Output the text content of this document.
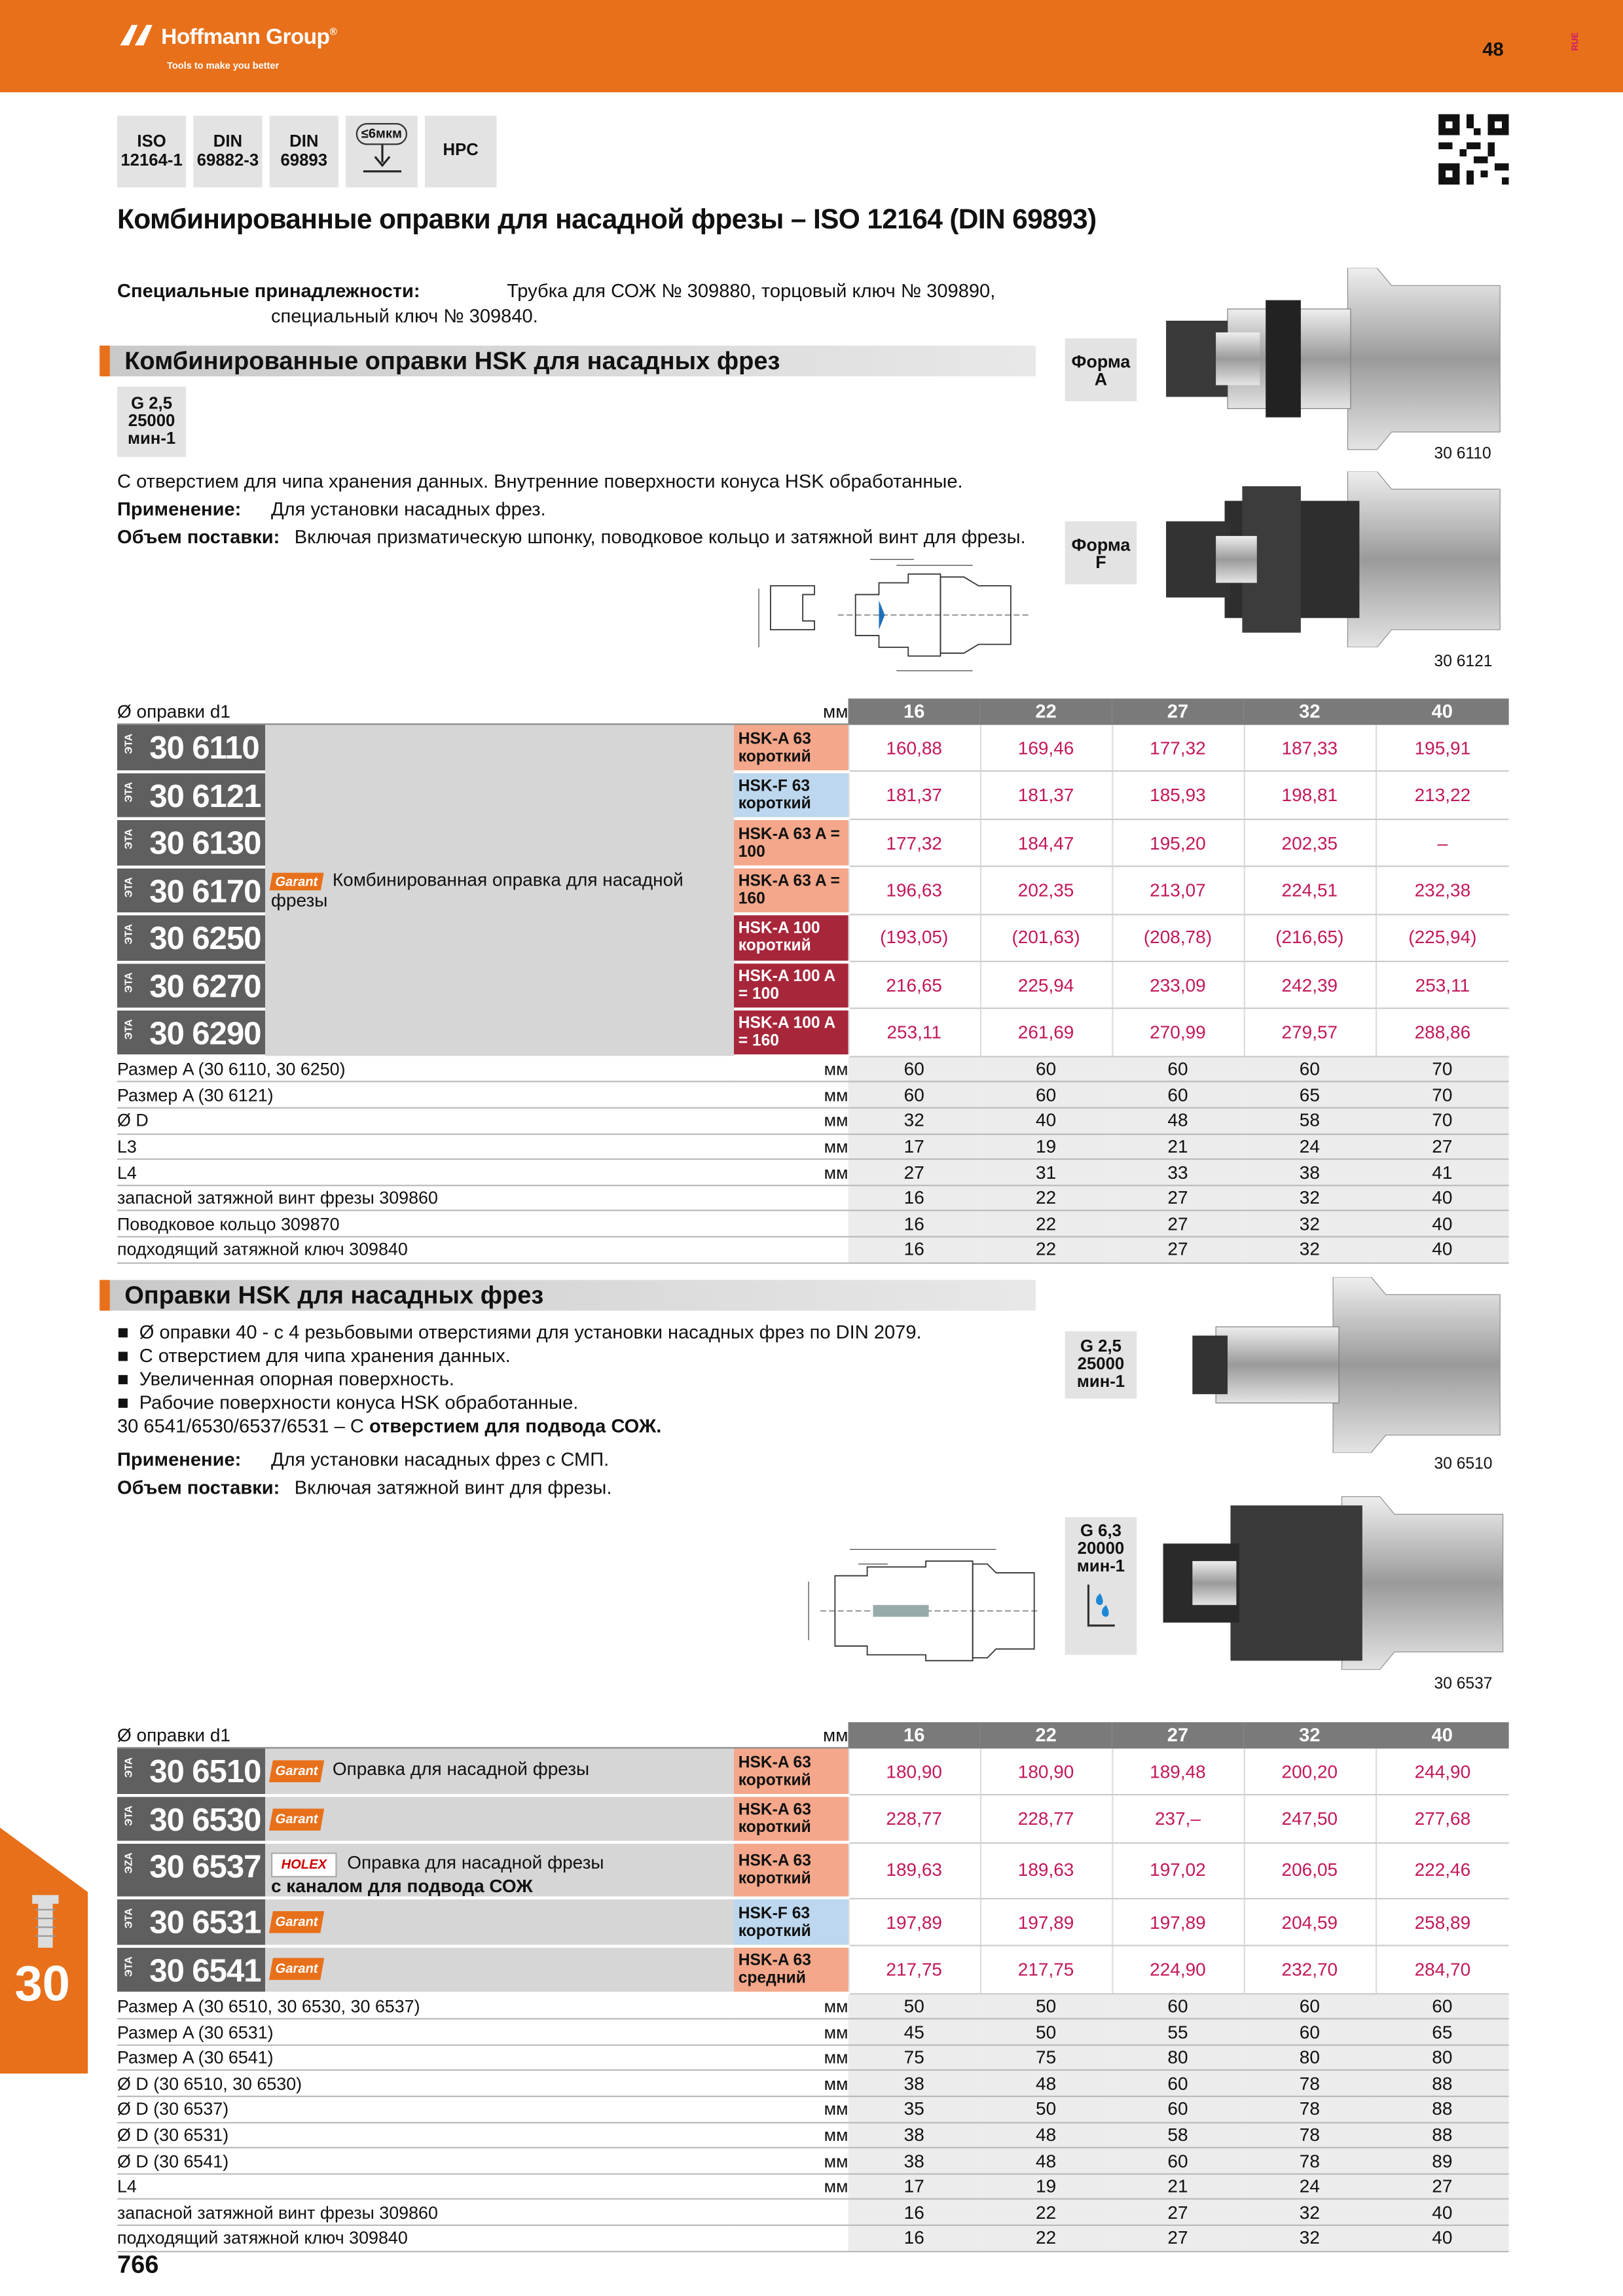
Hoffmann Group®
Tools to make you better
48	RUE
ISO 12164-1
DIN 69882-3
DIN 69893
≤6мкм
HPC
Комбинированные оправки для насадной фрезы – ISO 12164 (DIN 69893)
Специальные принадлежности:	Трубка для СОЖ № 309880, торцовый ключ № 309890,
специальный ключ № 309840.
Комбинированные оправки HSK для насадных фрез
G 2,5
25000
мин-1
С отверстием для чипа хранения данных. Внутренние поверхности конуса HSK обработанные.
Применение:	Для установки насадных фрез.
Объем поставки: Включая призматическую шпонку, поводковое кольцо и затяжной винт для фрезы.
Форма
A
Форма
F
30 6110
30 6121
Ø оправки d1		мм	16	22	27	32	40

ЭТА 30 6110	Garant Комбинированная оправка для насадной фрезы	HSK-A 63 короткий	160,88	169,46	177,32	187,33	195,91

ЭТА 30 6121		HSK-F 63 короткий	181,37	181,37	185,93	198,81	213,22

ЭТА 30 6130		HSK-A 63 A = 100	177,32	184,47	195,20	202,35	–

ЭТА 30 6170		HSK-A 63 A = 160	196,63	202,35	213,07	224,51	232,38

ЭТА 30 6250		HSK-A 100 короткий	(193,05)	(201,63)	(208,78)	(216,65)	(225,94)

ЭТА 30 6270		HSK-A 100 A = 100	216,65	225,94	233,09	242,39	253,11

ЭТА 30 6290		HSK-A 100 A = 160	253,11	261,69	270,99	279,57	288,86
Размер A (30 6110, 30 6250)		мм	60	60	60	60	70
Размер A (30 6121)		мм	60	60	60	65	70
Ø D		мм	32	40	48	58	70
L3		мм	17	19	21	24	27
L4		мм	27	31	33	38	41
запасной затяжной винт фрезы 309860			16	22	27	32	40
Поводковое кольцо 309870			16	22	27	32	40
подходящий затяжной ключ 309840			16	22	27	32	40
Оправки HSK для насадных фрез
■  Ø оправки 40 - с 4 резьбовыми отверстиями для установки насадных фрез по DIN 2079.
■  С отверстием для чипа хранения данных.
■  Увеличенная опорная поверхность.
■  Рабочие поверхности конуса HSK обработанные.
30 6541/6530/6537/6531 – С отверстием для подвода СОЖ.
Применение:	Для установки насадных фрез с СМП.
Объем поставки: Включая затяжной винт для фрезы.
G 2,5
25000
мин-1
G 6,3
20000
мин-1
30 6510
30 6537
Ø оправки d1		мм	16	22	27	32	40

ЭТА 30 6510	Garant Оправка для насадной фрезы	HSK-A 63 короткий	180,90	180,90	189,48	200,20	244,90

ЭТА 30 6530	Garant	HSK-A 63 короткий	228,77	228,77	237,–	247,50	277,68

ЭZА 30 6537	HOLEX Оправка для насадной фрезы
с каналом для подвода СОЖ	HSK-A 63 короткий	189,63	189,63	197,02	206,05	222,46

ЭТА 30 6531	Garant	HSK-F 63 короткий	197,89	197,89	197,89	204,59	258,89

ЭТА 30 6541	Garant	HSK-A 63 средний	217,75	217,75	224,90	232,70	284,70
Размер A (30 6510, 30 6530, 30 6537)		мм	50	50	60	60	60
Размер A (30 6531)		мм	45	50	55	60	65
Размер A (30 6541)		мм	75	75	80	80	80
Ø D (30 6510, 30 6530)		мм	38	48	60	78	88
Ø D (30 6537)		мм	35	50	60	78	88
Ø D (30 6531)		мм	38	48	58	78	88
Ø D (30 6541)		мм	38	48	60	78	89
L4		мм	17	19	21	24	27
запасной затяжной винт фрезы 309860			16	22	27	32	40
подходящий затяжной ключ 309840			16	22	27	32	40
30
766
